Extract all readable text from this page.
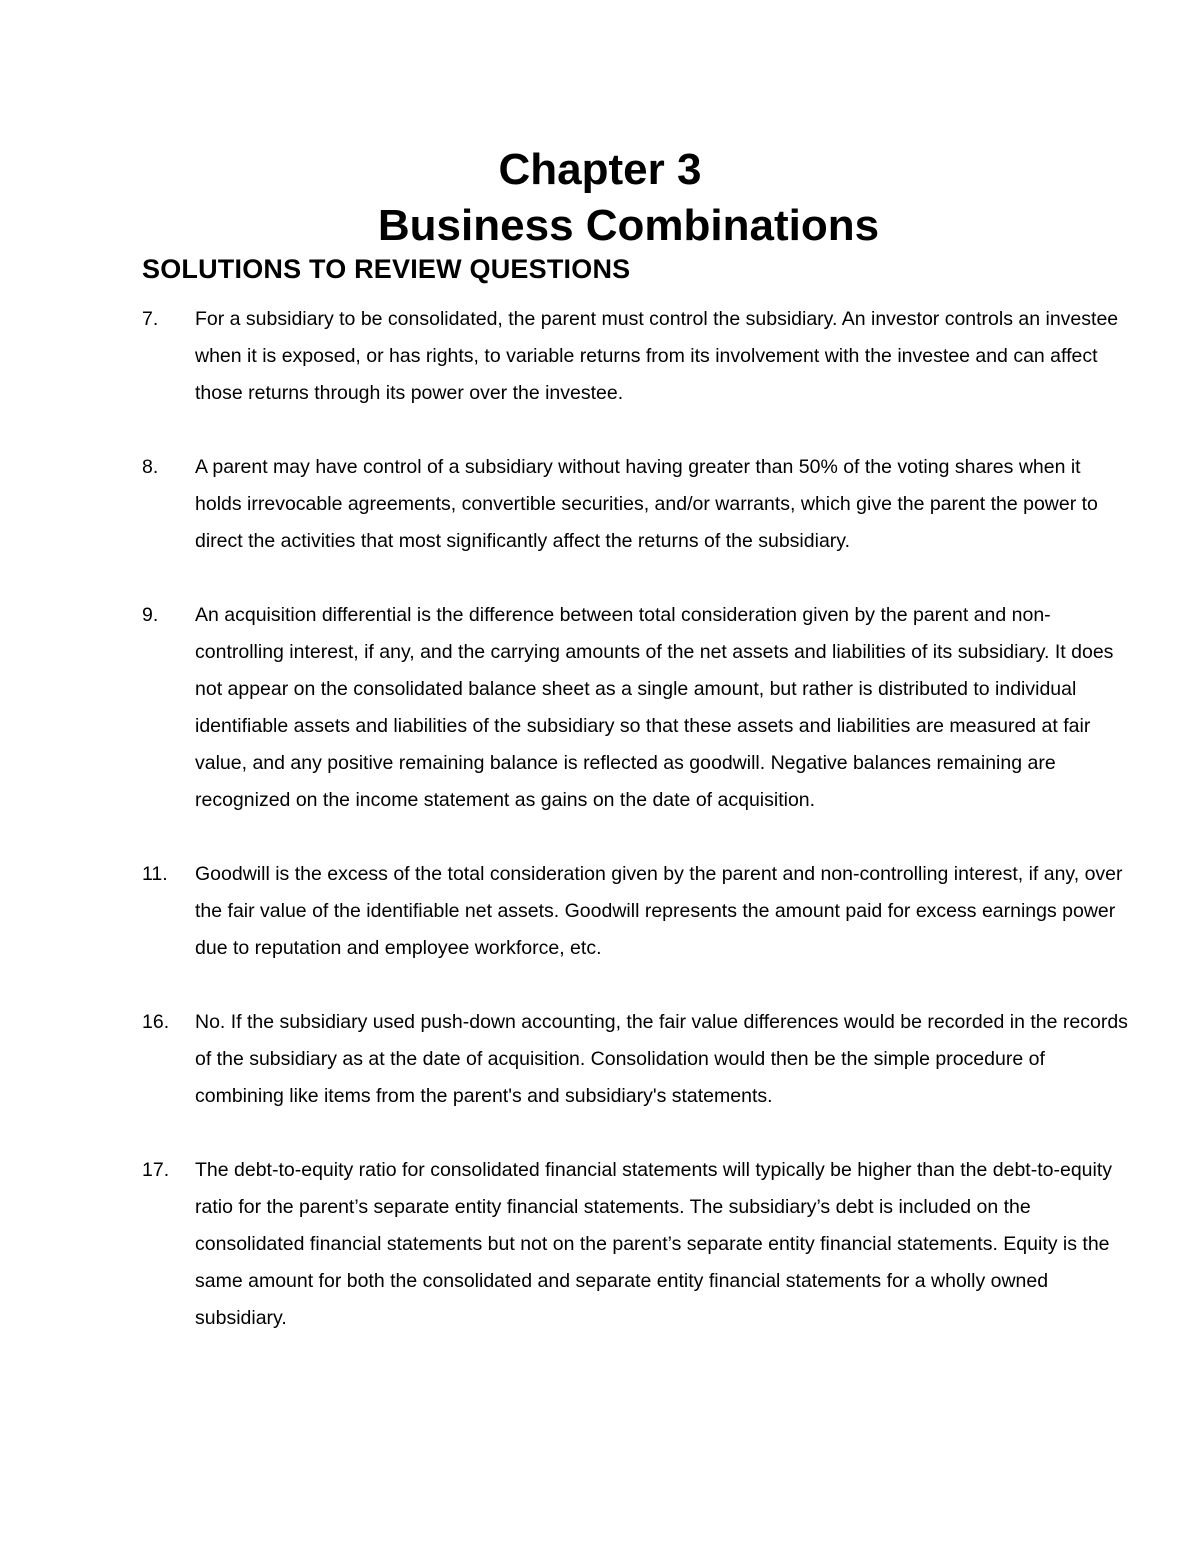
Chapter 3
Business Combinations
SOLUTIONS TO REVIEW QUESTIONS
7.	For a subsidiary to be consolidated, the parent must control the subsidiary. An investor controls an investee when it is exposed, or has rights, to variable returns from its involvement with the investee and can affect those returns through its power over the investee.

8.	A parent may have control of a subsidiary without having greater than 50% of the voting shares when it holds irrevocable agreements, convertible securities, and/or warrants, which give the parent the power to direct the activities that most significantly affect the returns of the subsidiary.

9.	An acquisition differential is the difference between total consideration given by the parent and non-controlling interest, if any, and the carrying amounts of the net assets and liabilities of its subsidiary. It does not appear on the consolidated balance sheet as a single amount, but rather is distributed to individual identifiable assets and liabilities of the subsidiary so that these assets and liabilities are measured at fair value, and any positive remaining balance is reflected as goodwill. Negative balances remaining are recognized on the income statement as gains on the date of acquisition.

11.	Goodwill is the excess of the total consideration given by the parent and non-controlling interest, if any, over the fair value of the identifiable net assets. Goodwill represents the amount paid for excess earnings power due to reputation and employee workforce, etc.

16.	No. If the subsidiary used push-down accounting, the fair value differences would be recorded in the records of the subsidiary as at the date of acquisition. Consolidation would then be the simple procedure of combining like items from the parent's and subsidiary's statements.

17.	The debt-to-equity ratio for consolidated financial statements will typically be higher than the debt-to-equity ratio for the parent’s separate entity financial statements. The subsidiary’s debt is included on the consolidated financial statements but not on the parent’s separate entity financial statements. Equity is the same amount for both the consolidated and separate entity financial statements for a wholly owned subsidiary.
